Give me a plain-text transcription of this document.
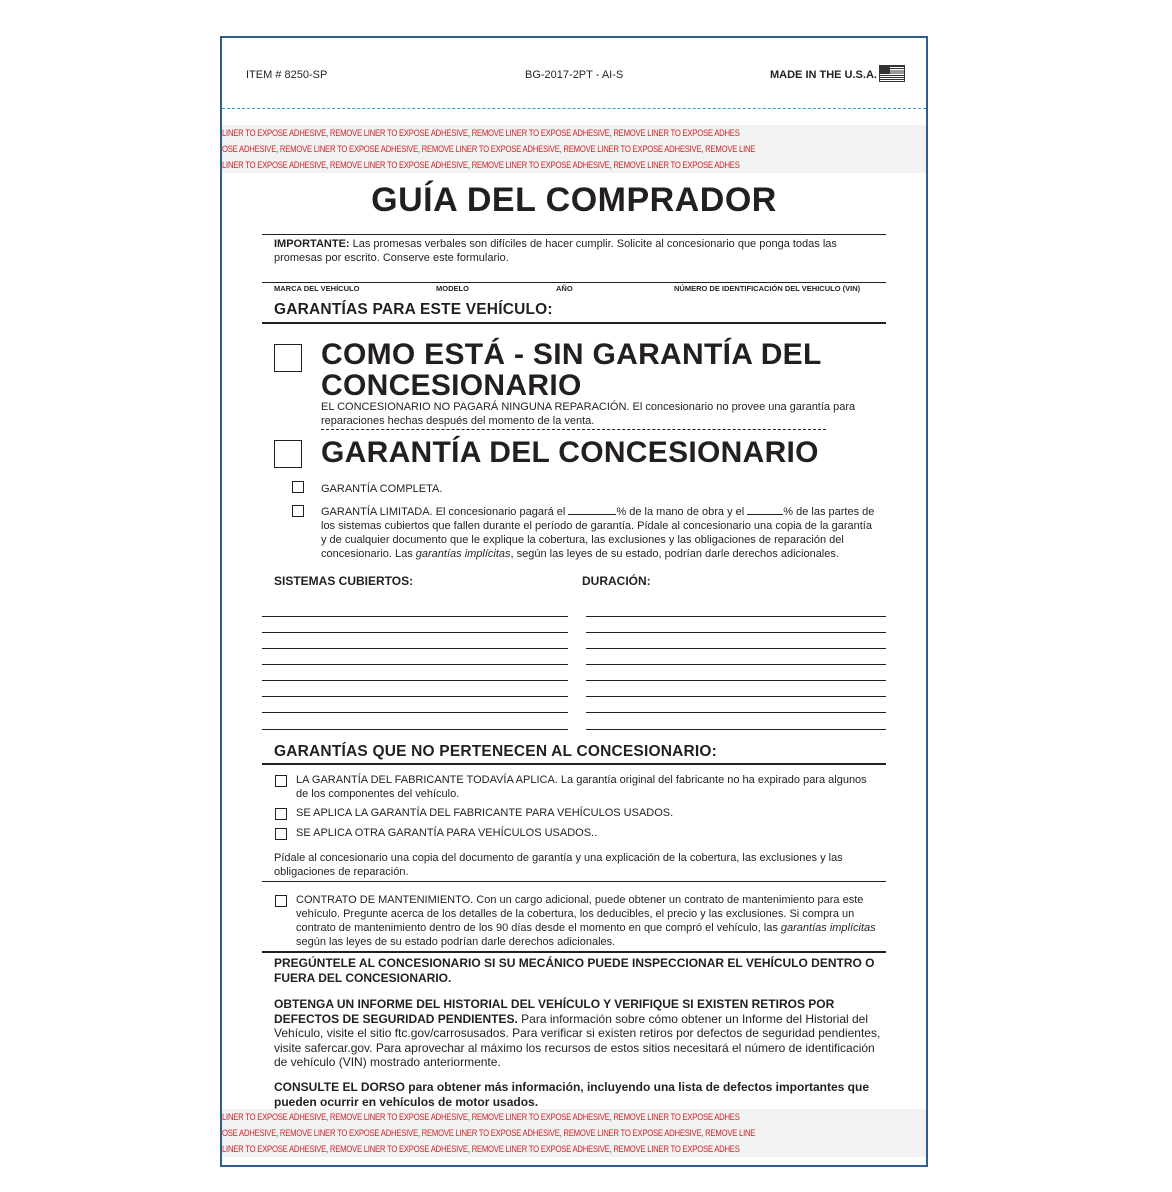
ITEM # 8250-SP	BG-2017-2PT - AI-S	MADE IN THE U.S.A.
LINER TO EXPOSE ADHESIVE, REMOVE LINER TO EXPOSE ADHESIVE, REMOVE LINER TO EXPOSE ADHESIVE, REMOVE LINER TO EXPOSE ADHES
OSE ADHESIVE, REMOVE LINER TO EXPOSE ADHESIVE, REMOVE LINER TO EXPOSE ADHESIVE, REMOVE LINER TO EXPOSE ADHESIVE, REMOVE LINE
LINER TO EXPOSE ADHESIVE, REMOVE LINER TO EXPOSE ADHESIVE, REMOVE LINER TO EXPOSE ADHESIVE, REMOVE LINER TO EXPOSE ADHES
GUÍA DEL COMPRADOR
IMPORTANTE: Las promesas verbales son difíciles de hacer cumplir. Solicite al concesionario que ponga todas las promesas por escrito. Conserve este formulario.
MARCA DEL VEHÍCULO	MODELO	AÑO	NÚMERO DE IDENTIFICACIÓN DEL VEHICULO (VIN)
GARANTÍAS PARA ESTE VEHÍCULO:
COMO ESTÁ - SIN GARANTÍA DEL CONCESIONARIO
EL CONCESIONARIO NO PAGARÁ NINGUNA REPARACIÓN. El concesionario no provee una garantía para reparaciones hechas después del momento de la venta.
GARANTÍA DEL CONCESIONARIO
GARANTÍA COMPLETA.
GARANTÍA LIMITADA. El concesionario pagará el	% de la mano de obra y el	% de las partes de los sistemas cubiertos que fallen durante el período de garantía. Pídale al concesionario una copia de la garantía y de cualquier documento que le explique la cobertura, las exclusiones y las obligaciones de reparación del concesionario. Las garantías implícitas, según las leyes de su estado, podrían darle derechos adicionales.
SISTEMAS CUBIERTOS:	DURACIÓN:
GARANTÍAS QUE NO PERTENECEN AL CONCESIONARIO:
LA GARANTÍA DEL FABRICANTE TODAVÍA APLICA. La garantía original del fabricante no ha expirado para algunos de los componentes del vehículo.
SE APLICA LA GARANTÍA DEL FABRICANTE PARA VEHÍCULOS USADOS.
SE APLICA OTRA GARANTÍA PARA VEHÍCULOS USADOS..
Pídale al concesionario una copia del documento de garantía y una explicación de la cobertura, las exclusiones y las obligaciones de reparación.
CONTRATO DE MANTENIMIENTO. Con un cargo adicional, puede obtener un contrato de mantenimiento para este vehículo. Pregunte acerca de los detalles de la cobertura, los deducibles, el precio y las exclusiones. Si compra un contrato de mantenimiento dentro de los 90 días desde el momento en que compró el vehículo, las garantías implícitas según las leyes de su estado podrían darle derechos adicionales.
PREGÚNTELE AL CONCESIONARIO SI SU MECÁNICO PUEDE INSPECCIONAR EL VEHÍCULO DENTRO O FUERA DEL CONCESIONARIO.
OBTENGA UN INFORME DEL HISTORIAL DEL VEHÍCULO Y VERIFIQUE SI EXISTEN RETIROS POR DEFECTOS DE SEGURIDAD PENDIENTES. Para información sobre cómo obtener un Informe del Historial del Vehículo, visite el sitio ftc.gov/carrosusados. Para verificar si existen retiros por defectos de seguridad pendientes, visite safercar.gov. Para aprovechar al máximo los recursos de estos sitios necesitará el número de identificación de vehículo (VIN) mostrado anteriormente.
CONSULTE EL DORSO para obtener más información, incluyendo una lista de defectos importantes que pueden ocurrir en vehículos de motor usados.
LINER TO EXPOSE ADHESIVE, REMOVE LINER TO EXPOSE ADHESIVE, REMOVE LINER TO EXPOSE ADHESIVE, REMOVE LINER TO EXPOSE ADHES
OSE ADHESIVE, REMOVE LINER TO EXPOSE ADHESIVE, REMOVE LINER TO EXPOSE ADHESIVE, REMOVE LINER TO EXPOSE ADHESIVE, REMOVE LINE
LINER TO EXPOSE ADHESIVE, REMOVE LINER TO EXPOSE ADHESIVE, REMOVE LINER TO EXPOSE ADHESIVE, REMOVE LINER TO EXPOSE ADHES
